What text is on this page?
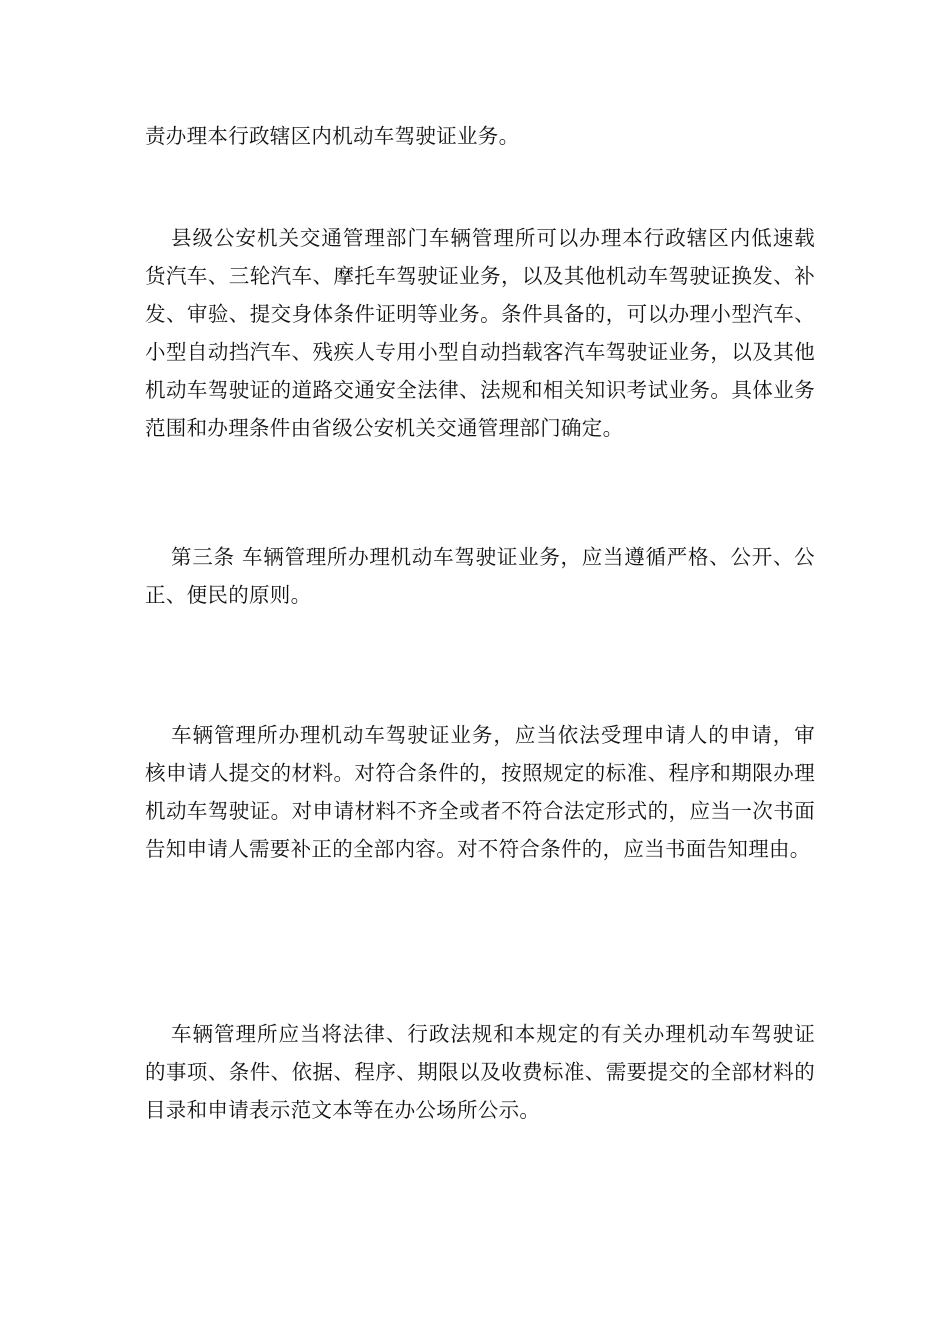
责办理本行政辖区内机动车驾驶证业务。

县级公安机关交通管理部门车辆管理所可以办理本行政辖区内低速载货汽车、三轮汽车、摩托车驾驶证业务，以及其他机动车驾驶证换发、补发、审验、提交身体条件证明等业务。条件具备的，可以办理小型汽车、小型自动挡汽车、残疾人专用小型自动挡载客汽车驾驶证业务，以及其他机动车驾驶证的道路交通安全法律、法规和相关知识考试业务。具体业务范围和办理条件由省级公安机关交通管理部门确定。

第三条 车辆管理所办理机动车驾驶证业务，应当遵循严格、公开、公正、便民的原则。

车辆管理所办理机动车驾驶证业务，应当依法受理申请人的申请，审核申请人提交的材料。对符合条件的，按照规定的标准、程序和期限办理机动车驾驶证。对申请材料不齐全或者不符合法定形式的，应当一次书面告知申请人需要补正的全部内容。对不符合条件的，应当书面告知理由。

车辆管理所应当将法律、行政法规和本规定的有关办理机动车驾驶证的事项、条件、依据、程序、期限以及收费标准、需要提交的全部材料的目录和申请表示范文本等在办公场所公示。
